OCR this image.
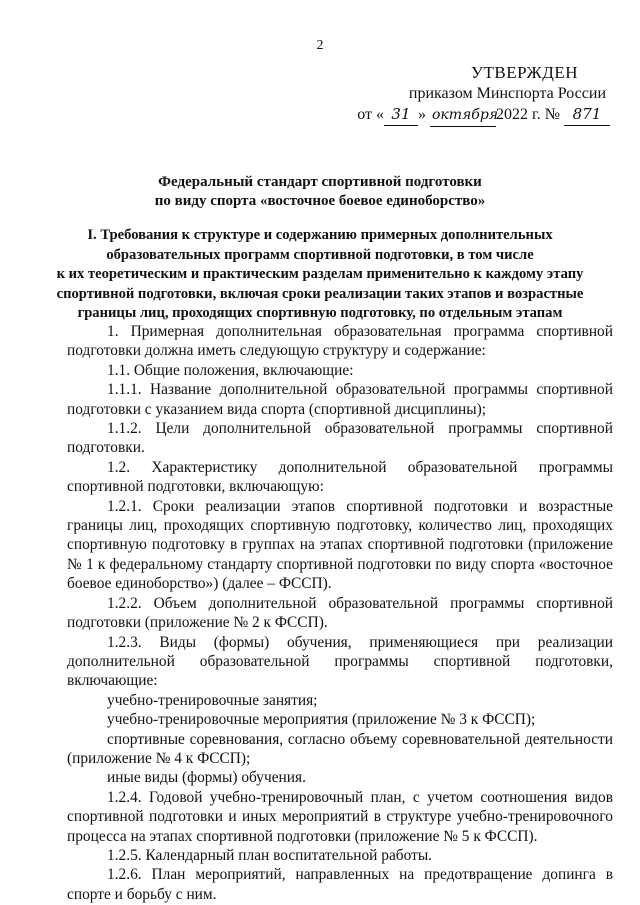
2
УТВЕРЖДЕН
приказом Минспорта России
от « 31 » октября2022 г. № 871
Федеральный стандарт спортивной подготовки
по виду спорта «восточное боевое единоборство»
I. Требования к структуре и содержанию примерных дополнительных
образовательных программ спортивной подготовки, в том числе
к их теоретическим и практическим разделам применительно к каждому этапу
спортивной подготовки, включая сроки реализации таких этапов и возрастные
границы лиц, проходящих спортивную подготовку, по отдельным этапам

1. Примерная дополнительная образовательная программа спортивной подготовки должна иметь следующую структуру и содержание:

1.1. Общие положения, включающие:

1.1.1. Название дополнительной образовательной программы спортивной подготовки с указанием вида спорта (спортивной дисциплины);

1.1.2. Цели дополнительной образовательной программы спортивной подготовки.

1.2. Характеристику дополнительной образовательной программы спортивной подготовки, включающую:

1.2.1. Сроки реализации этапов спортивной подготовки и возрастные границы лиц, проходящих спортивную подготовку, количество лиц, проходящих спортивную подготовку в группах на этапах спортивной подготовки (приложение № 1 к федеральному стандарту спортивной подготовки по виду спорта «восточное боевое единоборство») (далее – ФССП).

1.2.2. Объем дополнительной образовательной программы спортивной подготовки (приложение № 2 к ФССП).

1.2.3. Виды (формы) обучения, применяющиеся при реализации дополнительной образовательной программы спортивной подготовки, включающие:

учебно-тренировочные занятия;

учебно-тренировочные мероприятия (приложение № 3 к ФССП);

спортивные соревнования, согласно объему соревновательной деятельности (приложение № 4 к ФССП);

иные виды (формы) обучения.

1.2.4. Годовой учебно-тренировочный план, с учетом соотношения видов спортивной подготовки и иных мероприятий в структуре учебно-тренировочного процесса на этапах спортивной подготовки (приложение № 5 к ФССП).

1.2.5. Календарный план воспитательной работы.

1.2.6. План мероприятий, направленных на предотвращение допинга в спорте и борьбу с ним.
